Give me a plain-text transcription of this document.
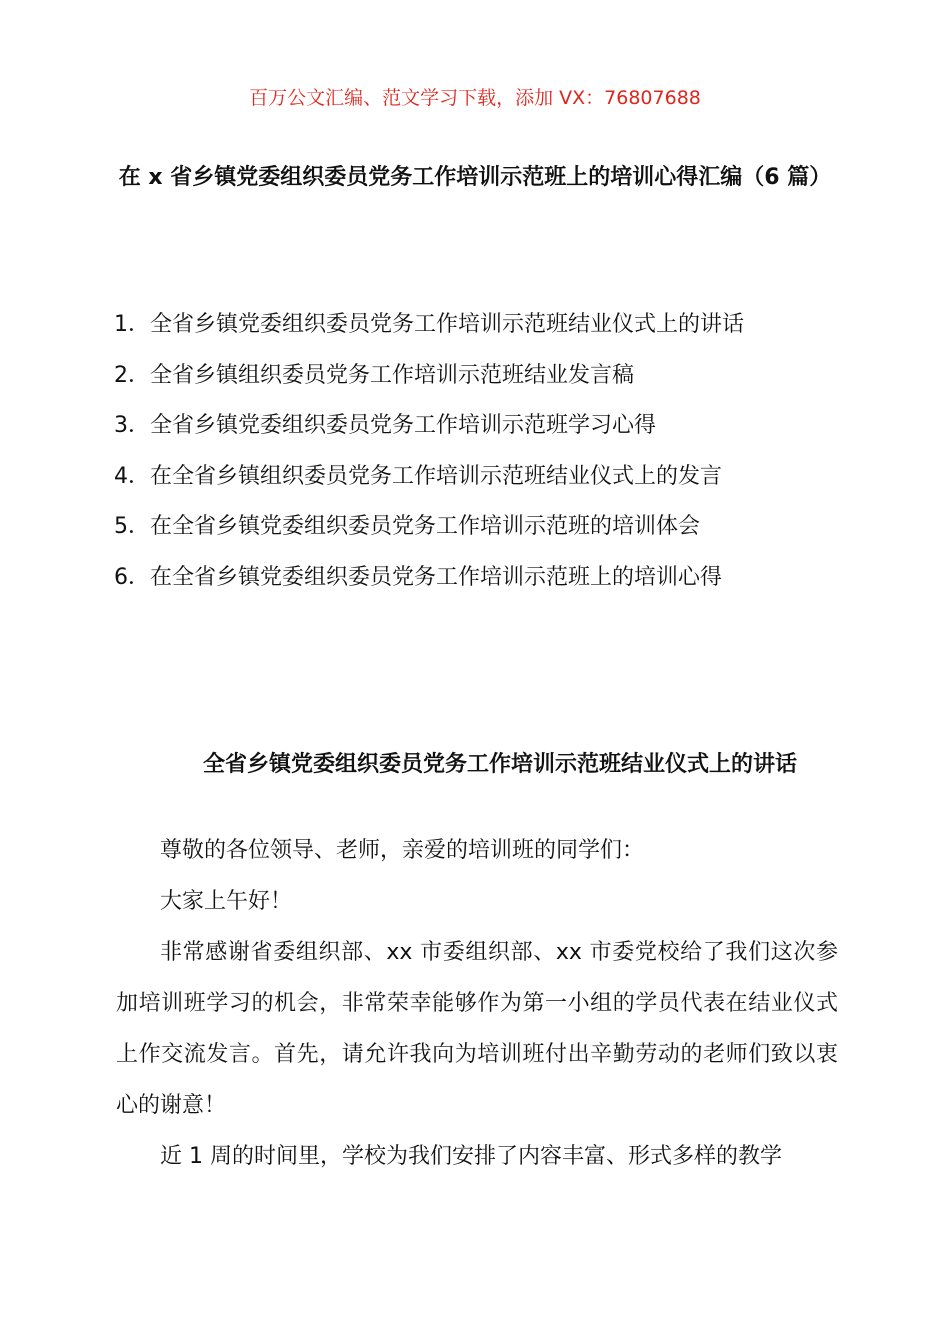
百万公文汇编、范文学习下载，添加 VX：76807688
在 x 省乡镇党委组织委员党务工作培训示范班上的培训心得汇编（6 篇）
1．全省乡镇党委组织委员党务工作培训示范班结业仪式上的讲话
2．全省乡镇组织委员党务工作培训示范班结业发言稿
3．全省乡镇党委组织委员党务工作培训示范班学习心得
4．在全省乡镇组织委员党务工作培训示范班结业仪式上的发言
5．在全省乡镇党委组织委员党务工作培训示范班的培训体会
6．在全省乡镇党委组织委员党务工作培训示范班上的培训心得
全省乡镇党委组织委员党务工作培训示范班结业仪式上的讲话

尊敬的各位领导、老师，亲爱的培训班的同学们：

大家上午好！

非常感谢省委组织部、xx 市委组织部、xx 市委党校给了我们这次参加培训班学习的机会，非常荣幸能够作为第一小组的学员代表在结业仪式上作交流发言。首先，请允许我向为培训班付出辛勤劳动的老师们致以衷心的谢意！

近 1 周的时间里，学校为我们安排了内容丰富、形式多样的教学
